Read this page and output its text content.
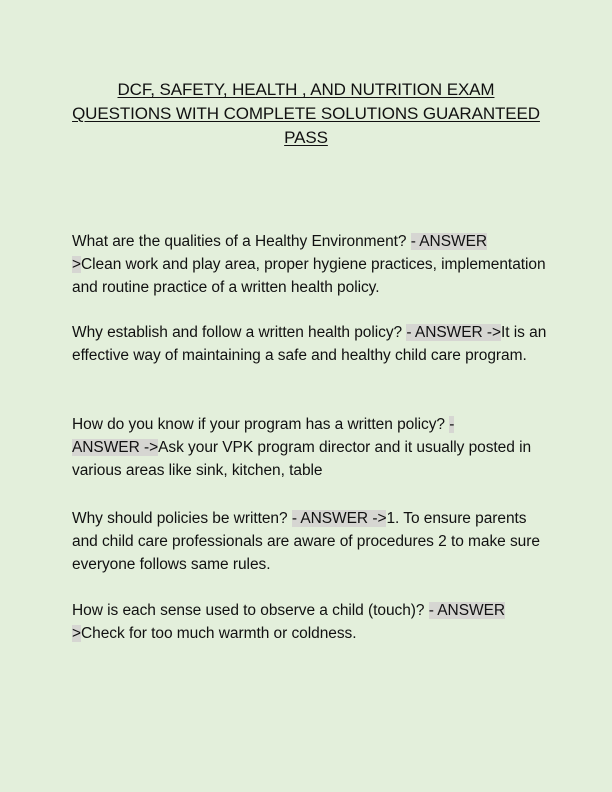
DCF, SAFETY, HEALTH , AND NUTRITION EXAM
QUESTIONS WITH COMPLETE SOLUTIONS GUARANTEED
PASS

What are the qualities of a Healthy Environment? - ANSWER
>Clean work and play area, proper hygiene practices, implementation and routine practice of a written health policy.

Why establish and follow a written health policy? - ANSWER ->It is an effective way of maintaining a safe and healthy child care program.

How do you know if your program has a written policy? -
ANSWER ->Ask your VPK program director and it usually posted in various areas like sink, kitchen, table

Why should policies be written? - ANSWER ->1. To ensure parents and child care professionals are aware of procedures 2 to make sure everyone follows same rules.

How is each sense used to observe a child (touch)? - ANSWER
>Check for too much warmth or coldness.
